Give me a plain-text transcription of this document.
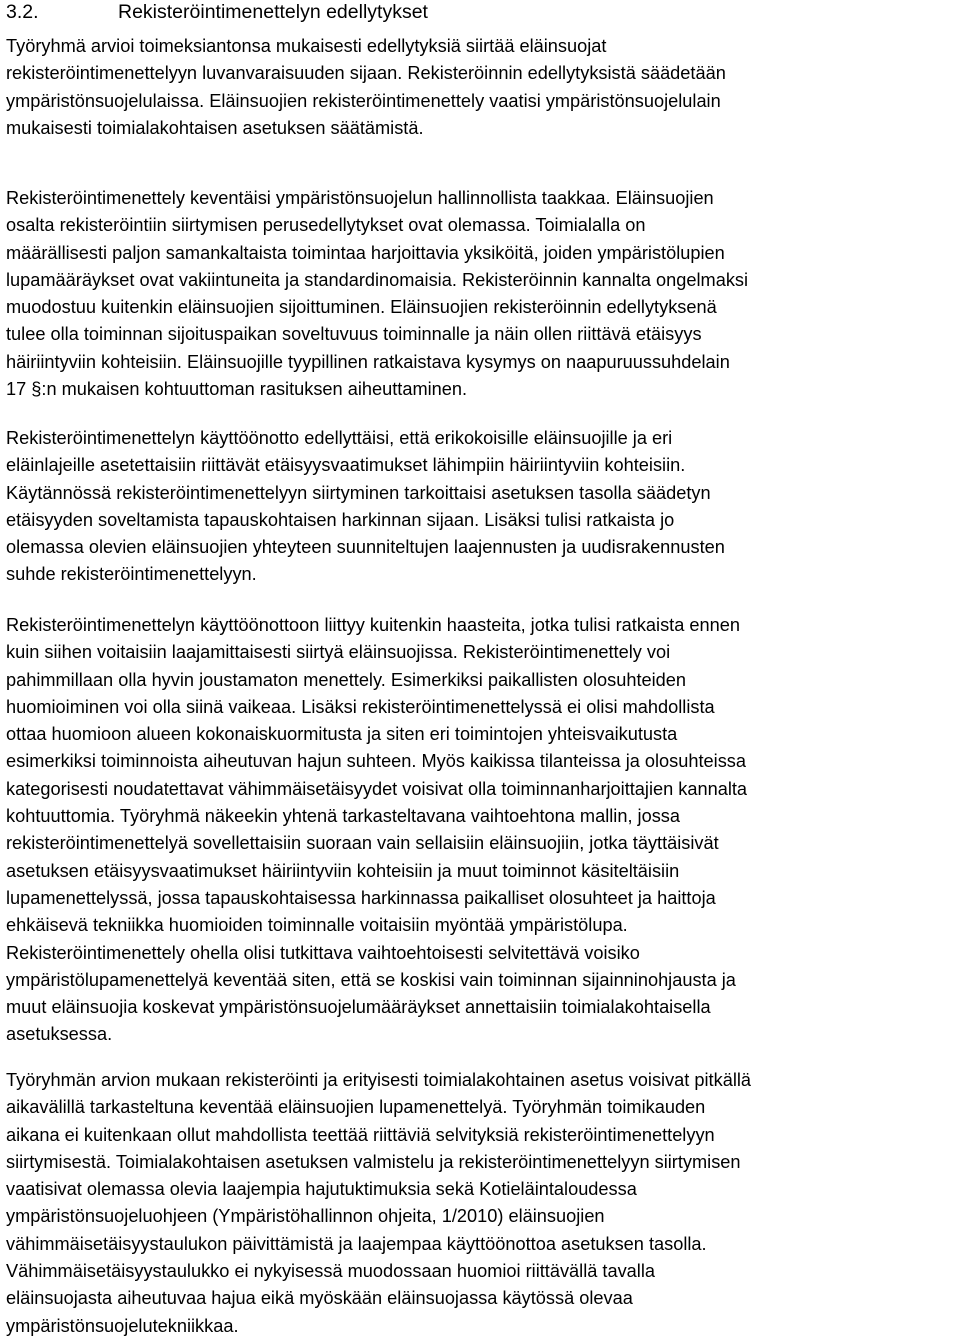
3.2.	Rekisteröintimenettelyn edellytykset

Työryhmä arvioi toimeksiantonsa mukaisesti edellytyksiä siirtää eläinsuojat
rekisteröintimenettelyyn luvanvaraisuuden sijaan. Rekisteröinnin edellytyksistä säädetään
ympäristönsuojelulaissa. Eläinsuojien rekisteröintimenettely vaatisi ympäristönsuojelulain
mukaisesti toimialakohtaisen asetuksen säätämistä.

Rekisteröintimenettely keventäisi ympäristönsuojelun hallinnollista taakkaa. Eläinsuojien
osalta rekisteröintiin siirtymisen perusedellytykset ovat olemassa. Toimialalla on
määrällisesti paljon samankaltaista toimintaa harjoittavia yksiköitä, joiden ympäristölupien
lupamääräykset ovat vakiintuneita ja standardinomaisia. Rekisteröinnin kannalta ongelmaksi
muodostuu kuitenkin eläinsuojien sijoittuminen. Eläinsuojien rekisteröinnin edellytyksenä
tulee olla toiminnan sijoituspaikan soveltuvuus toiminnalle ja näin ollen riittävä etäisyys
häiriintyviin kohteisiin. Eläinsuojille tyypillinen ratkaistava kysymys on naapuruussuhdelain
17 §:n mukaisen kohtuuttoman rasituksen aiheuttaminen.

Rekisteröintimenettelyn käyttöönotto edellyttäisi, että erikokoisille eläinsuojille ja eri
eläinlajeille asetettaisiin riittävät etäisyysvaatimukset lähimpiin häiriintyviin kohteisiin.
Käytännössä rekisteröintimenettelyyn siirtyminen tarkoittaisi asetuksen tasolla säädetyn
etäisyyden soveltamista tapauskohtaisen harkinnan sijaan. Lisäksi tulisi ratkaista jo
olemassa olevien eläinsuojien yhteyteen suunniteltujen laajennusten ja uudisrakennusten
suhde rekisteröintimenettelyyn.

Rekisteröintimenettelyn käyttöönottoon liittyy kuitenkin haasteita, jotka tulisi ratkaista ennen
kuin siihen voitaisiin laajamittaisesti siirtyä eläinsuojissa. Rekisteröintimenettely voi
pahimmillaan olla hyvin joustamaton menettely. Esimerkiksi paikallisten olosuhteiden
huomioiminen voi olla siinä vaikeaa. Lisäksi rekisteröintimenettelyssä ei olisi mahdollista
ottaa huomioon alueen kokonaiskuormitusta ja siten eri toimintojen yhteisvaikutusta
esimerkiksi toiminnoista aiheutuvan hajun suhteen. Myös kaikissa tilanteissa ja olosuhteissa
kategorisesti noudatettavat vähimmäisetäisyydet voisivat olla toiminnanharjoittajien kannalta
kohtuuttomia. Työryhmä näkeekin yhtenä tarkasteltavana vaihtoehtona mallin, jossa
rekisteröintimenettelyä sovellettaisiin suoraan vain sellaisiin eläinsuojiin, jotka täyttäisivät
asetuksen etäisyysvaatimukset häiriintyviin kohteisiin ja muut toiminnot käsiteltäisiin
lupamenettelyssä, jossa tapauskohtaisessa harkinnassa paikalliset olosuhteet ja haittoja
ehkäisevä tekniikka huomioiden toiminnalle voitaisiin myöntää ympäristölupa.
Rekisteröintimenettely ohella olisi tutkittava vaihtoehtoisesti selvitettävä voisiko
ympäristölupamenettelyä keventää siten, että se koskisi vain toiminnan sijainninohjausta ja
muut eläinsuojia koskevat ympäristönsuojelumääräykset annettaisiin toimialakohtaisella
asetuksessa.

Työryhmän arvion mukaan rekisteröinti ja erityisesti toimialakohtainen asetus voisivat pitkällä
aikavälillä tarkasteltuna keventää eläinsuojien lupamenettelyä. Työryhmän toimikauden
aikana ei kuitenkaan ollut mahdollista teettää riittäviä selvityksiä rekisteröintimenettelyyn
siirtymisestä. Toimialakohtaisen asetuksen valmistelu ja rekisteröintimenettelyyn siirtymisen
vaatisivat olemassa olevia laajempia hajutuktimuksia sekä Kotieläintaloudessa
ympäristönsuojeluohjeen (Ympäristöhallinnon ohjeita, 1/2010) eläinsuojien
vähimmäisetäisyystaulukon päivittämistä ja laajempaa käyttöönottoa asetuksen tasolla.
Vähimmäisetäisyystaulukko ei nykyisessä muodossaan huomioi riittävällä tavalla
eläinsuojasta aiheutuvaa hajua eikä myöskään eläinsuojassa käytössä olevaa
ympäristönsuojelutekniikkaa.
